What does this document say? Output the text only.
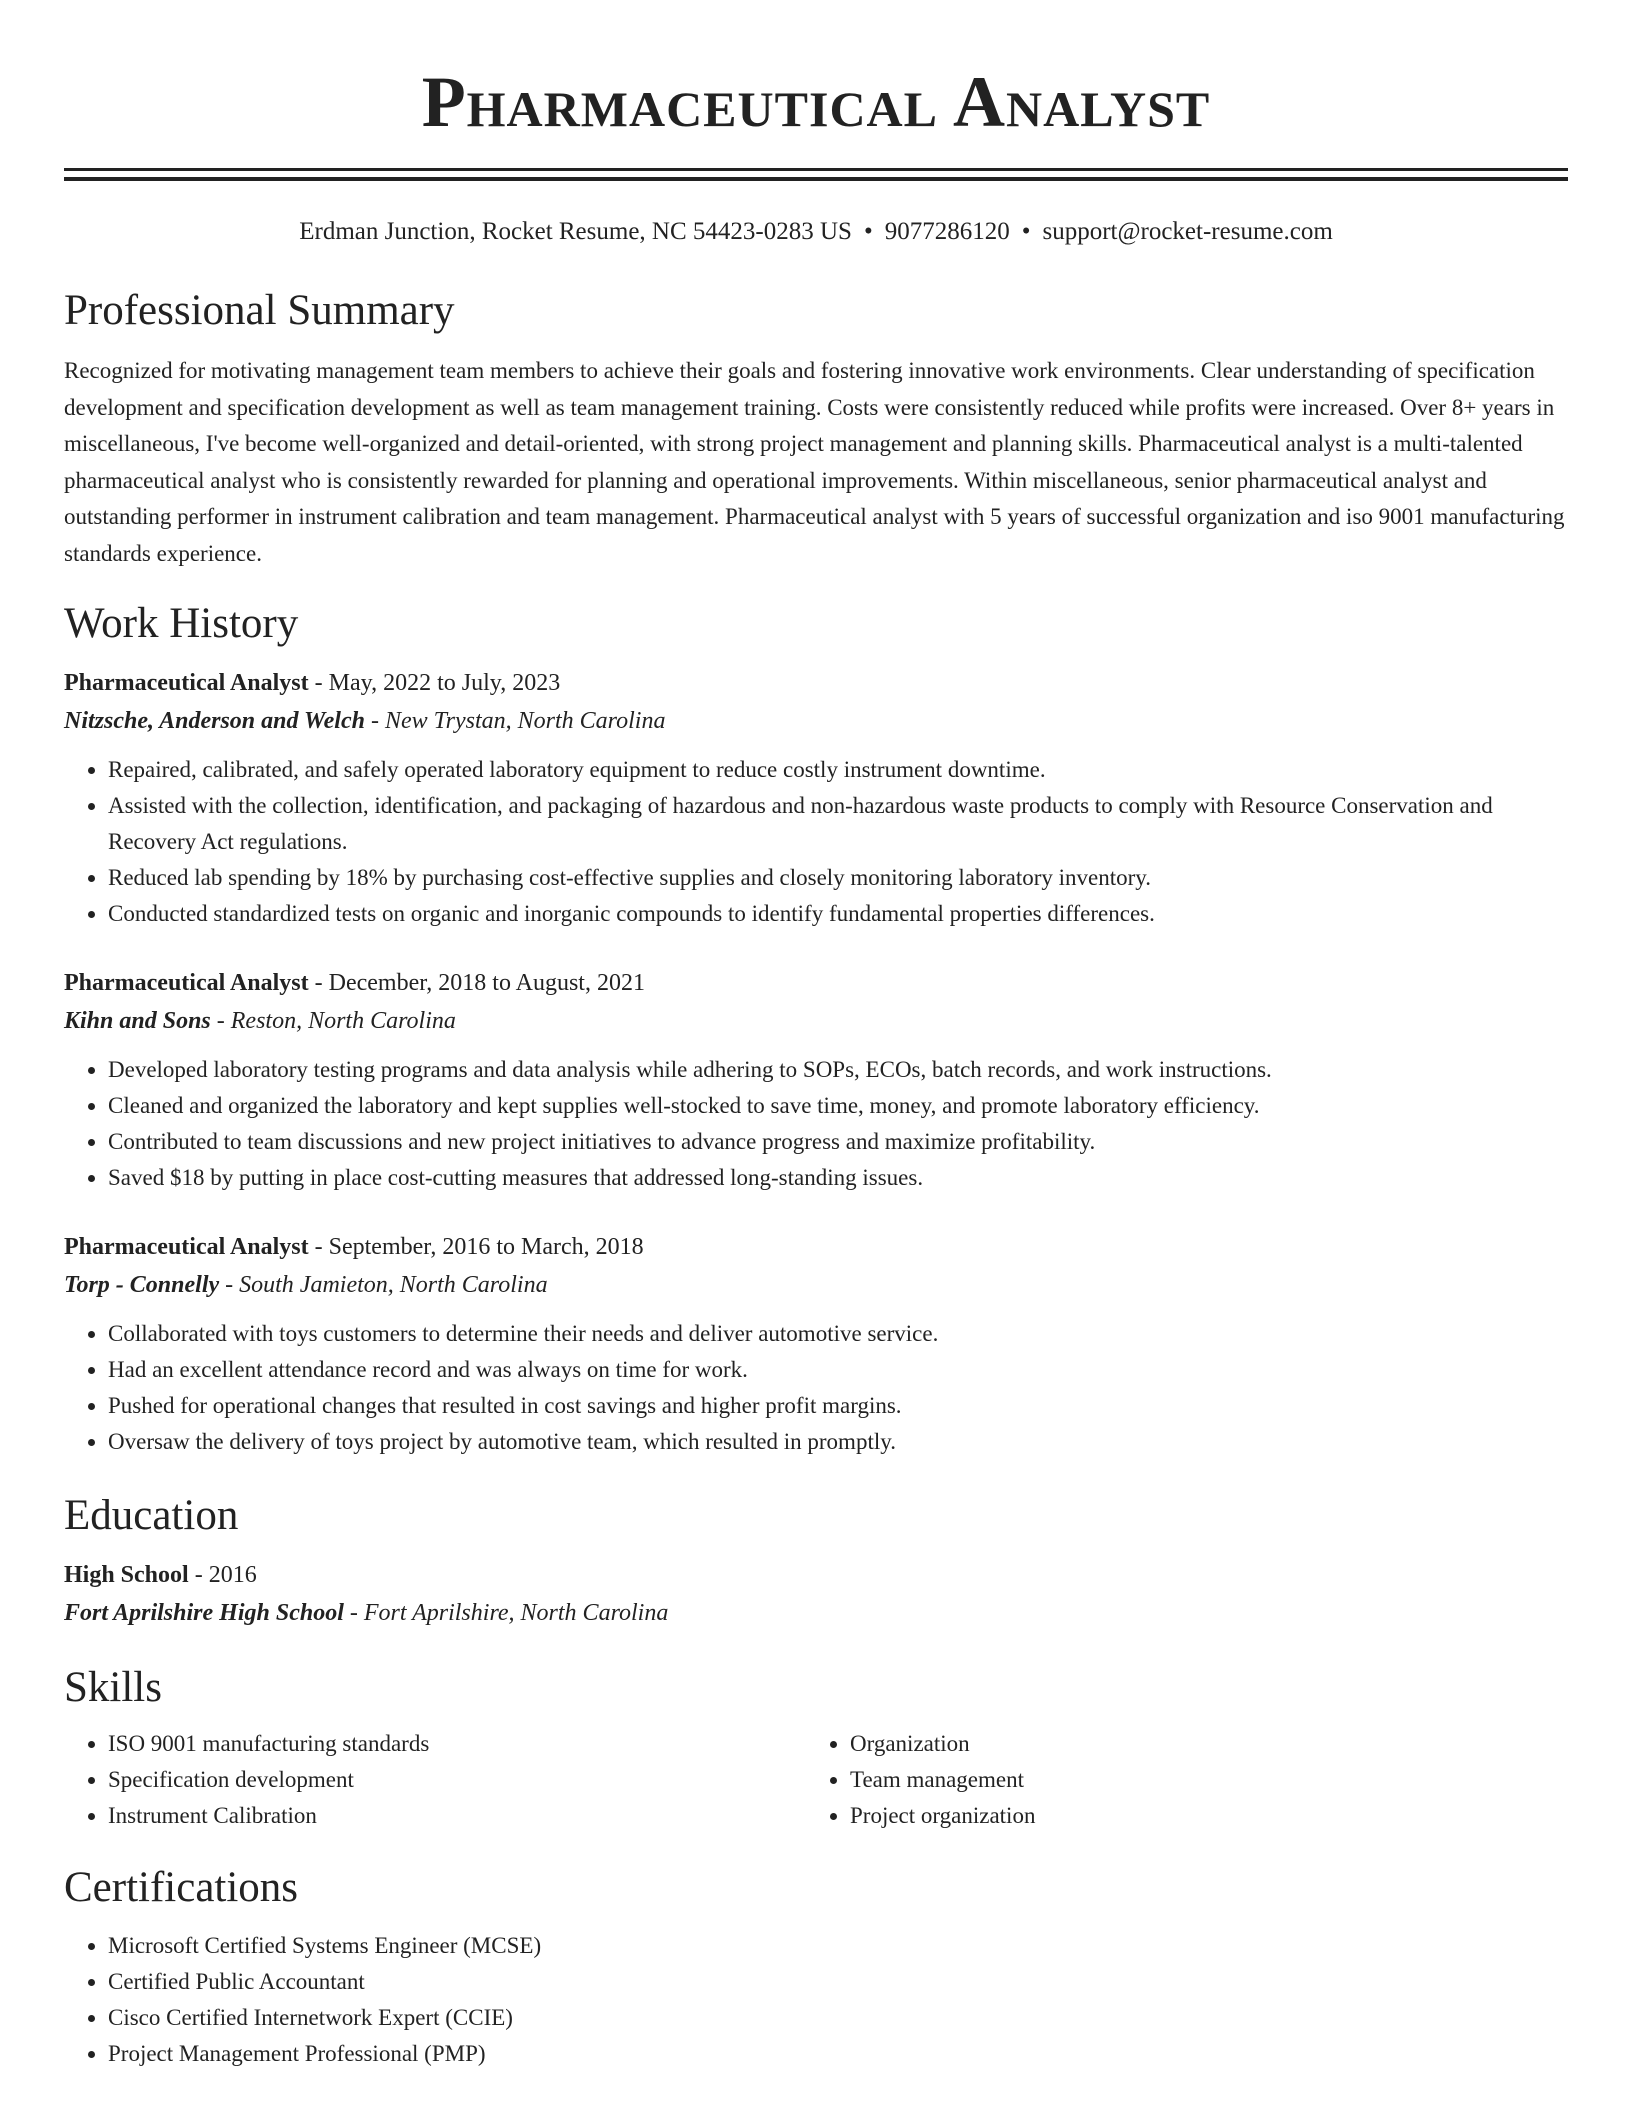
Pharmaceutical Analyst
Erdman Junction, Rocket Resume, NC 54423-0283 US • 9077286120 • support@rocket-resume.com
Professional Summary

Recognized for motivating management team members to achieve their goals and fostering innovative work environments. Clear understanding of specification development and specification development as well as team management training. Costs were consistently reduced while profits were increased. Over 8+ years in miscellaneous, I've become well-organized and detail-oriented, with strong project management and planning skills. Pharmaceutical analyst is a multi-talented pharmaceutical analyst who is consistently rewarded for planning and operational improvements. Within miscellaneous, senior pharmaceutical analyst and outstanding performer in instrument calibration and team management. Pharmaceutical analyst with 5 years of successful organization and iso 9001 manufacturing standards experience.

Work History
Pharmaceutical Analyst - May, 2022 to July, 2023
Nitzsche, Anderson and Welch - New Trystan, North Carolina
• Repaired, calibrated, and safely operated laboratory equipment to reduce costly instrument downtime.
• Assisted with the collection, identification, and packaging of hazardous and non-hazardous waste products to comply with Resource Conservation and Recovery Act regulations.
• Reduced lab spending by 18% by purchasing cost-effective supplies and closely monitoring laboratory inventory.
• Conducted standardized tests on organic and inorganic compounds to identify fundamental properties differences.
Pharmaceutical Analyst - December, 2018 to August, 2021
Kihn and Sons - Reston, North Carolina
• Developed laboratory testing programs and data analysis while adhering to SOPs, ECOs, batch records, and work instructions.
• Cleaned and organized the laboratory and kept supplies well-stocked to save time, money, and promote laboratory efficiency.
• Contributed to team discussions and new project initiatives to advance progress and maximize profitability.
• Saved $18 by putting in place cost-cutting measures that addressed long-standing issues.
Pharmaceutical Analyst - September, 2016 to March, 2018
Torp - Connelly - South Jamieton, North Carolina
• Collaborated with toys customers to determine their needs and deliver automotive service.
• Had an excellent attendance record and was always on time for work.
• Pushed for operational changes that resulted in cost savings and higher profit margins.
• Oversaw the delivery of toys project by automotive team, which resulted in promptly.
Education
High School - 2016
Fort Aprilshire High School - Fort Aprilshire, North Carolina
Skills
• ISO 9001 manufacturing standards
• Specification development
• Instrument Calibration
• Organization
• Team management
• Project organization
Certifications
• Microsoft Certified Systems Engineer (MCSE)
• Certified Public Accountant
• Cisco Certified Internetwork Expert (CCIE)
• Project Management Professional (PMP)
